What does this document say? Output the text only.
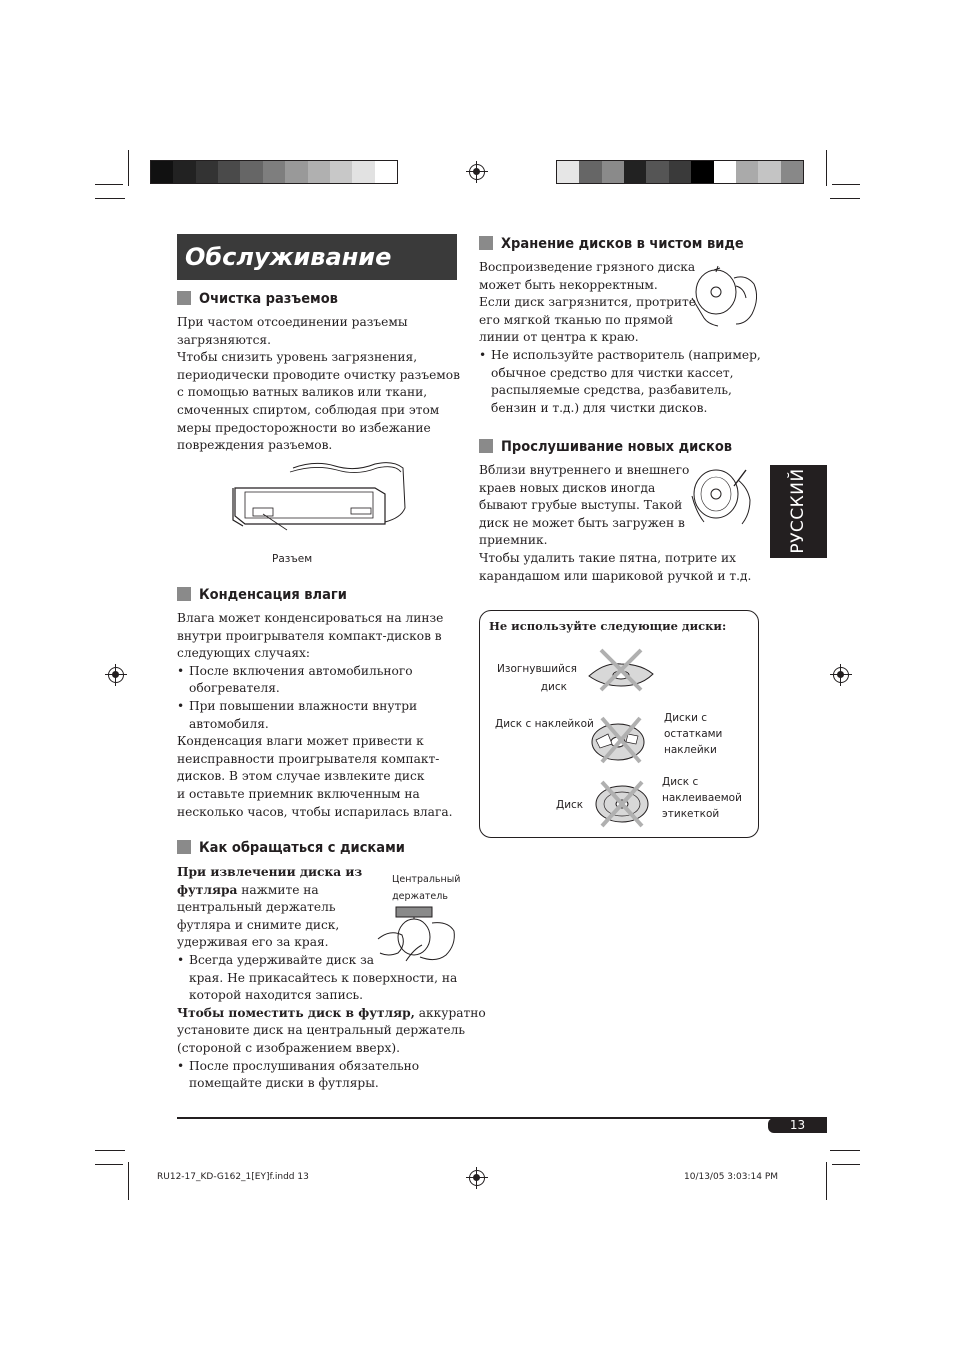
Обслуживание
Очистка разъемов

При частом отсоединении разъемы

загрязняются.

Чтобы снизить уровень загрязнения,

периодически проводите очистку разъемов

с помощью ватных валиков или ткани,

смоченных спиртом, соблюдая при этом

меры предосторожности во избежание

повреждения разъемов.

Разъем
Конденсация влаги

Влага может конденсироваться на линзе

внутри проигрывателя компакт-дисков в

следующих случаях:

• После включения автомобильного

обогревателя.

• При повышении влажности внутри

автомобиля.

Конденсация влаги может привести к

неисправности проигрывателя компакт-

дисков. В этом случае извлеките диск

и оставьте приемник включенным на

несколько часов, чтобы испарилась влага.

Как обращаться с дисками

При извлечении диска из

футляра нажмите на

центральный держатель

футляра и снимите диск,

удерживая его за края.

• Всегда удерживайте диск за

края. Не прикасайтесь к поверхности, на

которой находится запись.

Чтобы поместить диск в футляр, аккуратно

установите диск на центральный держатель

(стороной с изображением вверх).

• После прослушивания обязательно

помещайте диски в футляры.

Центральный
держатель
Хранение дисков в чистом виде

Воспроизведение грязного диска

может быть некорректным.

Если диск загрязнится, протрите

его мягкой тканью по прямой

линии от центра к краю.

• Не используйте растворитель (например,

обычное средство для чистки кассет,

распыляемые средства, разбавитель,

бензин и т.д.) для чистки дисков.

Прослушивание новых дисков

Вблизи внутреннего и внешнего

краев новых дисков иногда

бывают грубые выступы. Такой

диск не может быть загружен в

приемник.

Чтобы удалить такие пятна, потрите их

карандашом или шариковой ручкой и т.д.

РУССКИЙ
Не используйте следующие диски:
Изогнувшийся
диск
Диск с наклейкой	Диски с
остатками
наклейки
Диск
Диск с
наклеиваемой
этикеткой
13
RU12-17_KD-G162_1[EY]f.indd 13	10/13/05 3:03:14 PM
